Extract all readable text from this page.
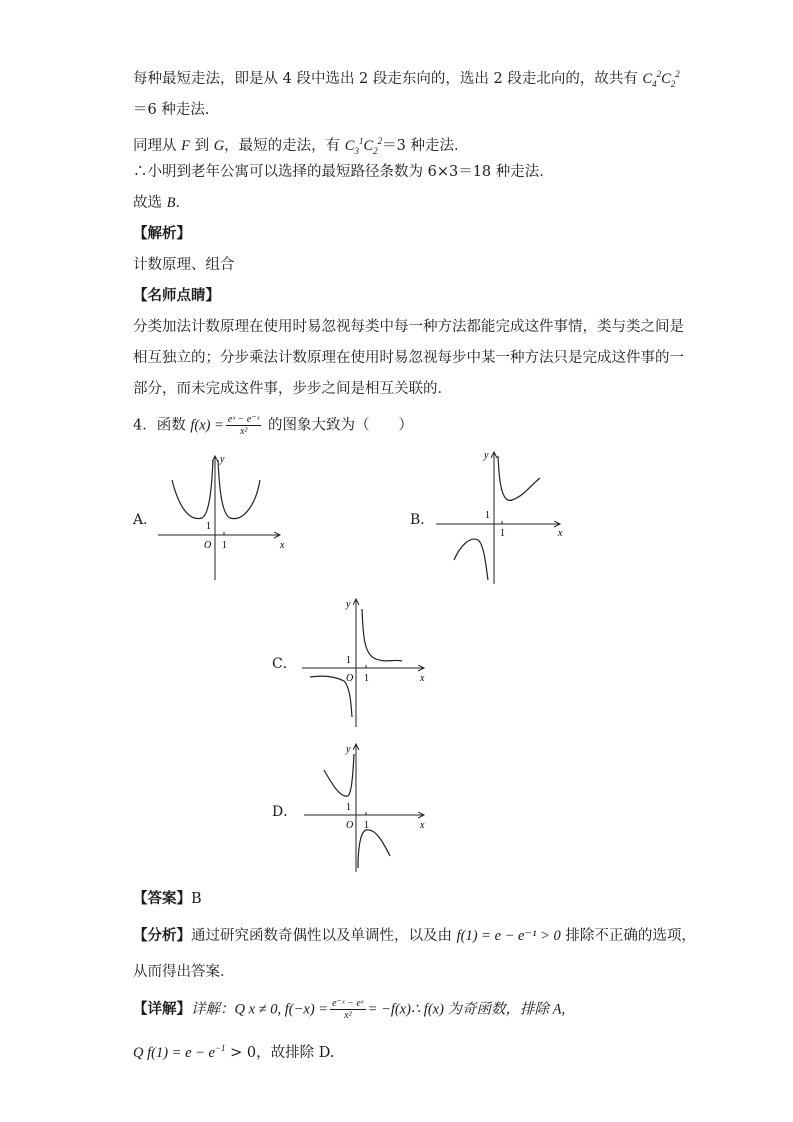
每种最短走法，即是从 4 段中选出 2 段走东向的，选出 2 段走北向的，故共有 $C_4^2C_2^2$
＝6 种走法．
同理从 F 到 G，最短的走法，有 $C_3^1C_2^2=3$ 种走法．
∴小明到老年公寓可以选择的最短路径条数为 6×3＝18 种走法．
故选 B．
【解析】
计数原理、组合
【名师点睛】
分类加法计数原理在使用时易忽视每类中每一种方法都能完成这件事情，类与类之间是
相互独立的；分步乘法计数原理在使用时易忽视每步中某一种方法只是完成这件事的一
部分，而未完成这件事，步步之间是相互关联的．
4．函数 $f(x) = \frac{\text{eˣ − e⁻ˣ}}{\text{x²}}$ 的图象大致为（　　）
A．	B．
C．
D．
y
x
O
1
1
y
x
1
1
y
x
O
1
1
y
x
O
1
1
【答案】B
【分析】通过研究函数奇偶性以及单调性，以及由 f(1) = e − e⁻¹ > 0 排除不正确的选项，
从而得出答案．
【详解】详解：Q x ≠ 0, $f(-x) = \frac{\text{e⁻ˣ − eˣ}}{\text{x²}}$ = −f(x)∴ f(x) 为奇函数，排除 A,
Q $f(1) = e - e^{-1} > 0$，故排除 D.
